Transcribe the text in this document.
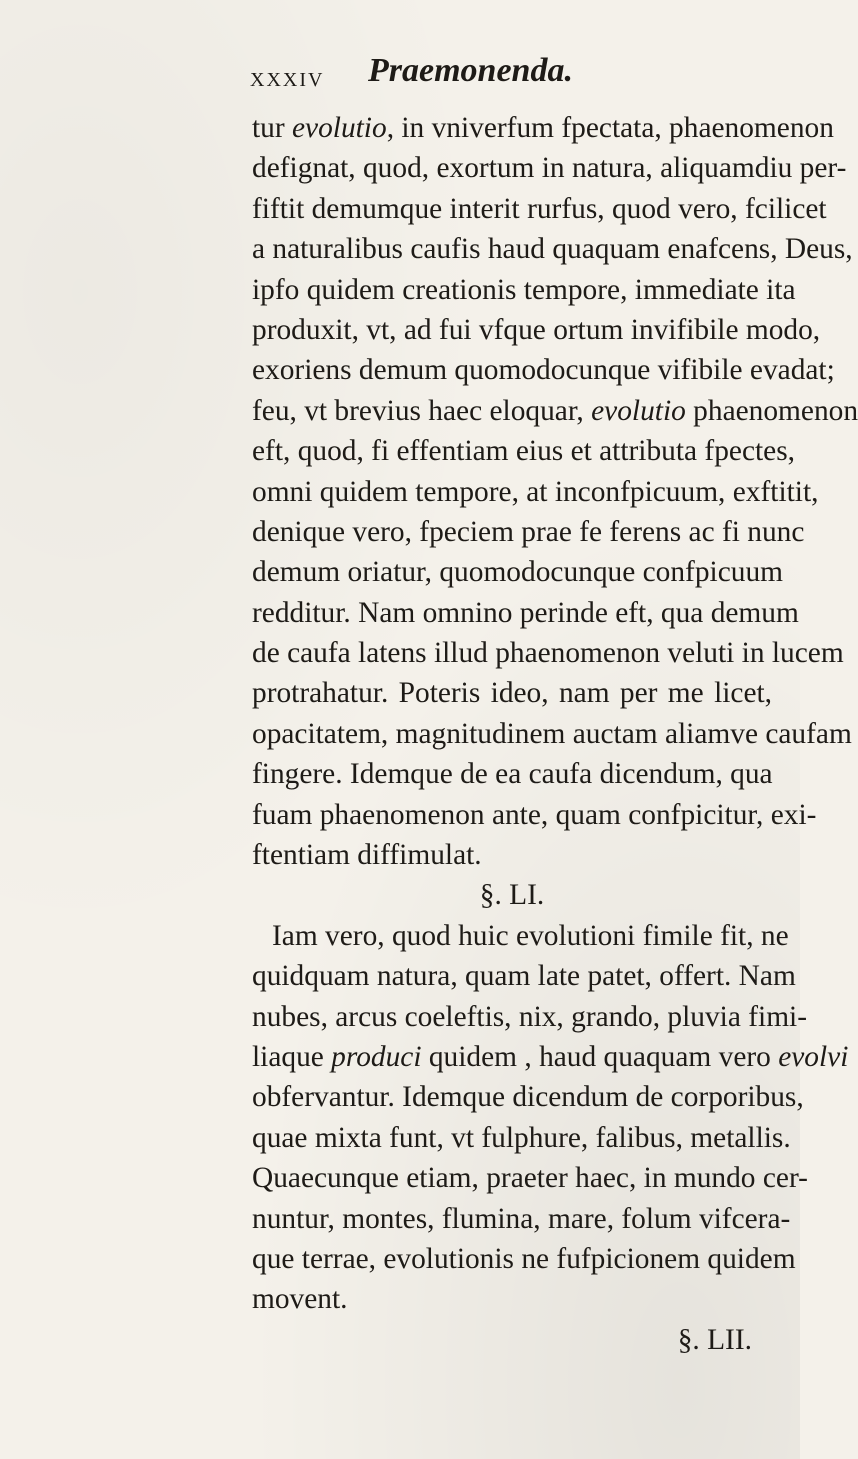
xxxiv Praemonenda.
tur evolutio, in vniverfum fpectata, phaenomenon
defignat, quod, exortum in natura, aliquamdiu per-
fiftit demumque interit rurfus, quod vero, fcilicet
a naturalibus caufis haud quaquam enafcens, Deus,
ipfo quidem creationis tempore, immediate ita
produxit, vt, ad fui vfque ortum invifibile modo,
exoriens demum quomodocunque vifibile evadat;
feu, vt brevius haec eloquar, evolutio phaenomenon
eft, quod, fi effentiam eius et attributa fpectes,
omni quidem tempore, at inconfpicuum, exftitit,
denique vero, fpeciem prae fe ferens ac fi nunc
demum oriatur, quomodocunque confpicuum
redditur. Nam omnino perinde eft, qua demum
de caufa latens illud phaenomenon veluti in lucem
protrahatur. Poteris ideo, nam per me licet,
opacitatem, magnitudinem auctam aliamve caufam
fingere. Idemque de ea caufa dicendum, qua
fuam phaenomenon ante, quam confpicitur, exi-
ftentiam diffimulat.
§. LI.
Iam vero, quod huic evolutioni fimile fit, ne
quidquam natura, quam late patet, offert. Nam
nubes, arcus coeleftis, nix, grando, pluvia fimi-
liaque produci quidem , haud quaquam vero evolvi
obfervantur. Idemque dicendum de corporibus,
quae mixta funt, vt fulphure, falibus, metallis.
Quaecunque etiam, praeter haec, in mundo cer-
nuntur, montes, flumina, mare, folum vifcera-
que terrae, evolutionis ne fufpicionem quidem
movent.
§. LII.
